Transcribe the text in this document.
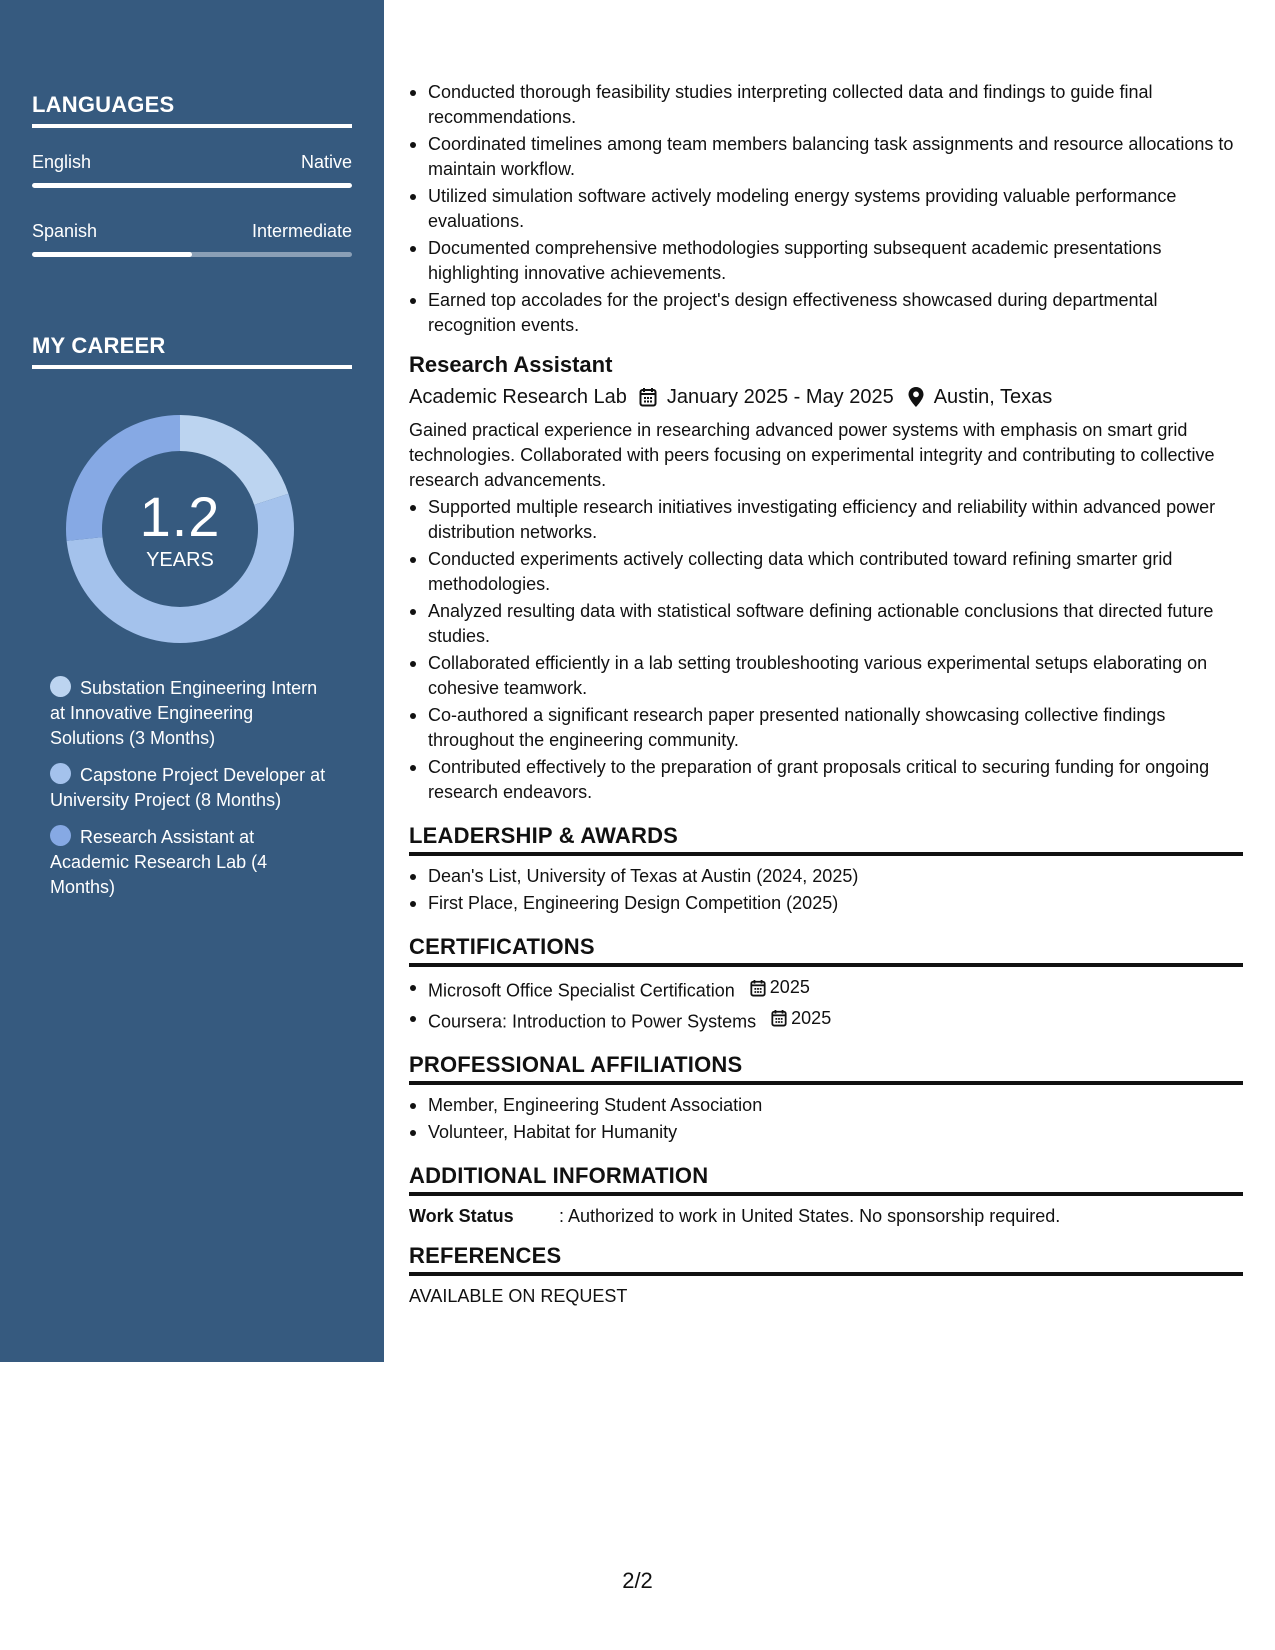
LANGUAGES
English	Native
Spanish	Intermediate
MY CAREER
1.2
YEARS
Substation Engineering Intern at Innovative Engineering Solutions (3 Months)
Capstone Project Developer at University Project (8 Months)
Research Assistant at Academic Research Lab (4 Months)
Conducted thorough feasibility studies interpreting collected data and findings to guide final recommendations.
Coordinated timelines among team members balancing task assignments and resource allocations to maintain workflow.
Utilized simulation software actively modeling energy systems providing valuable performance evaluations.
Documented comprehensive methodologies supporting subsequent academic presentations highlighting innovative achievements.
Earned top accolades for the project's design effectiveness showcased during departmental recognition events.
Research Assistant
Academic Research Lab January 2025 - May 2025 Austin, Texas
Gained practical experience in researching advanced power systems with emphasis on smart grid technologies. Collaborated with peers focusing on experimental integrity and contributing to collective research advancements.
Supported multiple research initiatives investigating efficiency and reliability within advanced power distribution networks.
Conducted experiments actively collecting data which contributed toward refining smarter grid methodologies.
Analyzed resulting data with statistical software defining actionable conclusions that directed future studies.
Collaborated efficiently in a lab setting troubleshooting various experimental setups elaborating on cohesive teamwork.
Co-authored a significant research paper presented nationally showcasing collective findings throughout the engineering community.
Contributed effectively to the preparation of grant proposals critical to securing funding for ongoing research endeavors.
LEADERSHIP & AWARDS
Dean's List, University of Texas at Austin (2024, 2025)
First Place, Engineering Design Competition (2025)
CERTIFICATIONS
Microsoft Office Specialist Certification 2025
Coursera: Introduction to Power Systems 2025
PROFESSIONAL AFFILIATIONS
Member, Engineering Student Association
Volunteer, Habitat for Humanity
ADDITIONAL INFORMATION
Work Status	: Authorized to work in United States. No sponsorship required.
REFERENCES
AVAILABLE ON REQUEST
2/2
